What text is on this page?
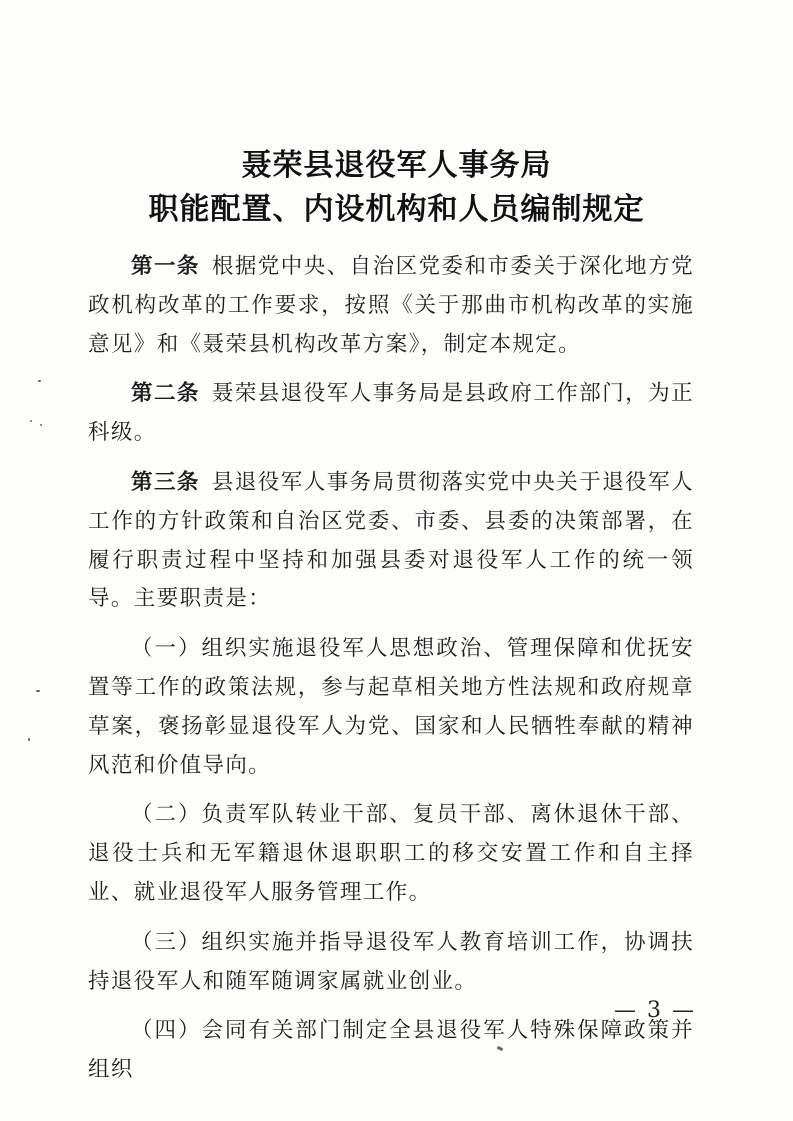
聂荣县退役军人事务局
职能配置、内设机构和人员编制规定

第一条 根据党中央、自治区党委和市委关于深化地方党政机构改革的工作要求，按照《关于那曲市机构改革的实施意见》和《聂荣县机构改革方案》，制定本规定。

第二条 聂荣县退役军人事务局是县政府工作部门，为正科级。

第三条 县退役军人事务局贯彻落实党中央关于退役军人工作的方针政策和自治区党委、市委、县委的决策部署，在履行职责过程中坚持和加强县委对退役军人工作的统一领导。主要职责是：

（一）组织实施退役军人思想政治、管理保障和优抚安置等工作的政策法规，参与起草相关地方性法规和政府规章草案，褒扬彰显退役军人为党、国家和人民牺牲奉献的精神风范和价值导向。

（二）负责军队转业干部、复员干部、离休退休干部、退役士兵和无军籍退休退职职工的移交安置工作和自主择业、就业退役军人服务管理工作。

（三）组织实施并指导退役军人教育培训工作，协调扶持退役军人和随军随调家属就业创业。

（四）会同有关部门制定全县退役军人特殊保障政策并组织

— 3 —
